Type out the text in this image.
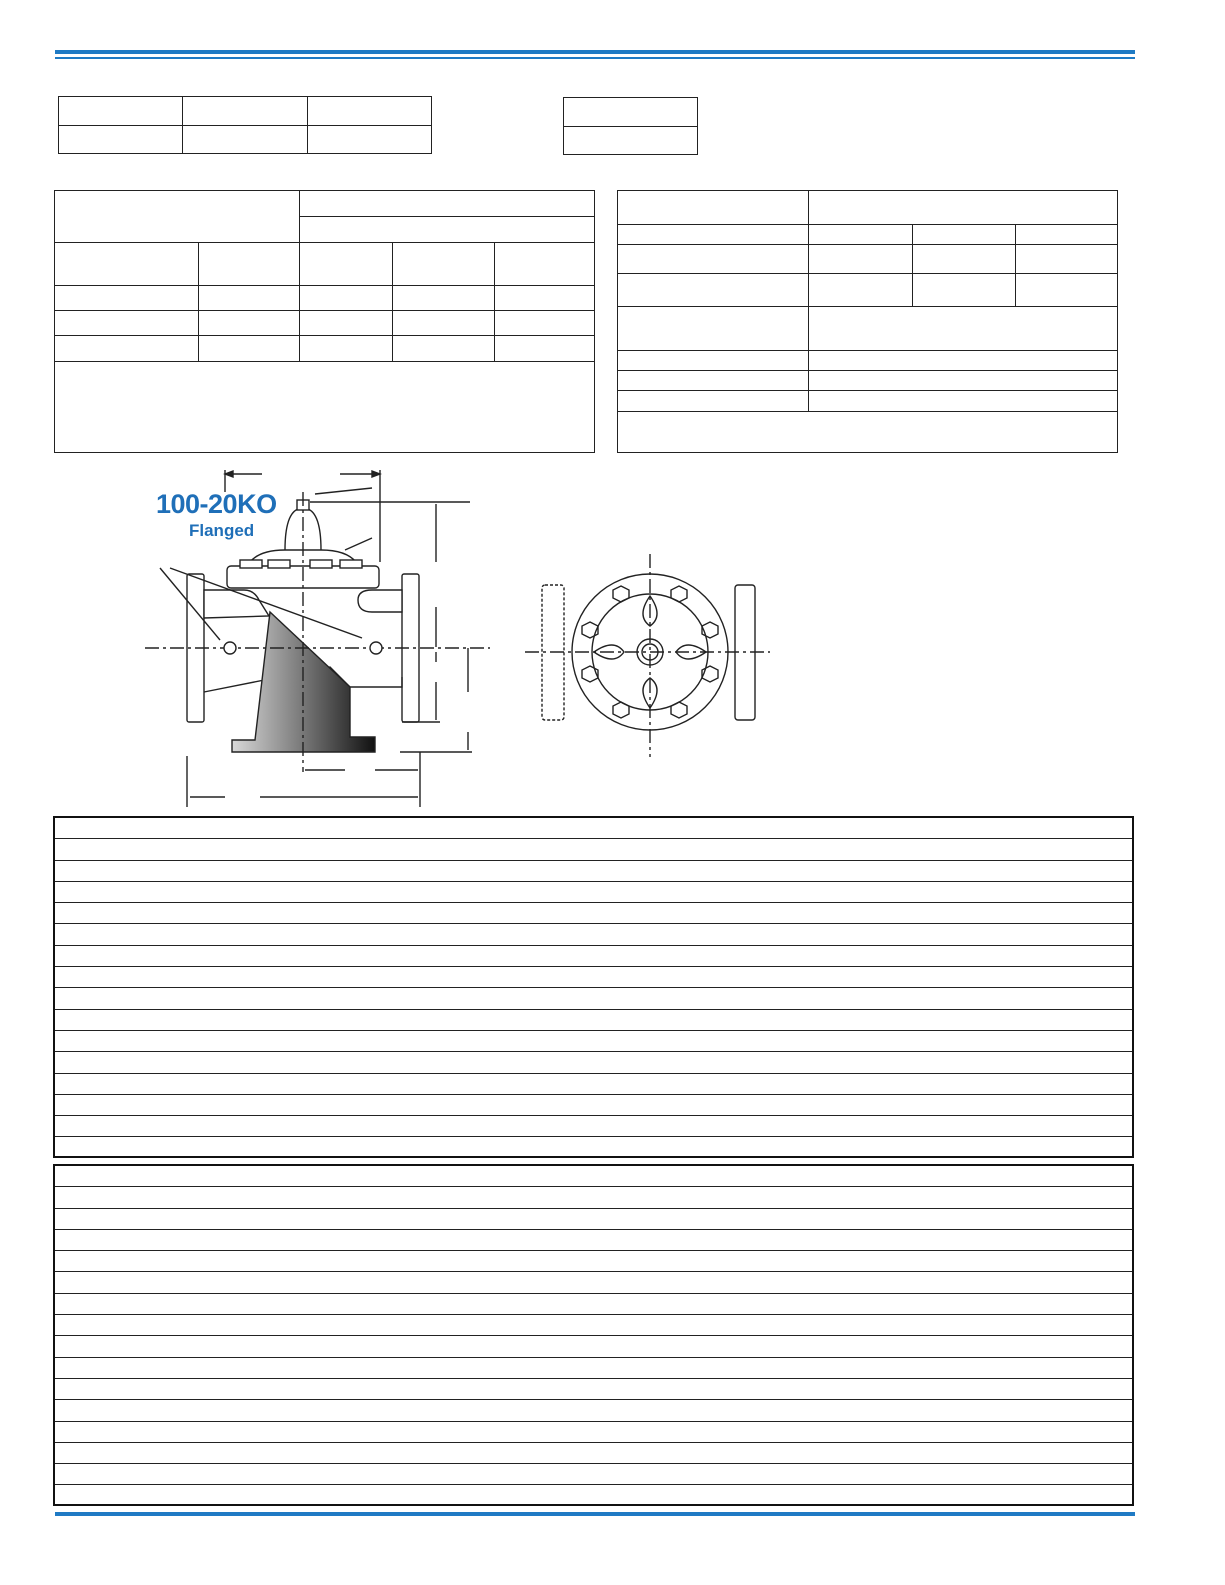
100-20KO
Flanged
